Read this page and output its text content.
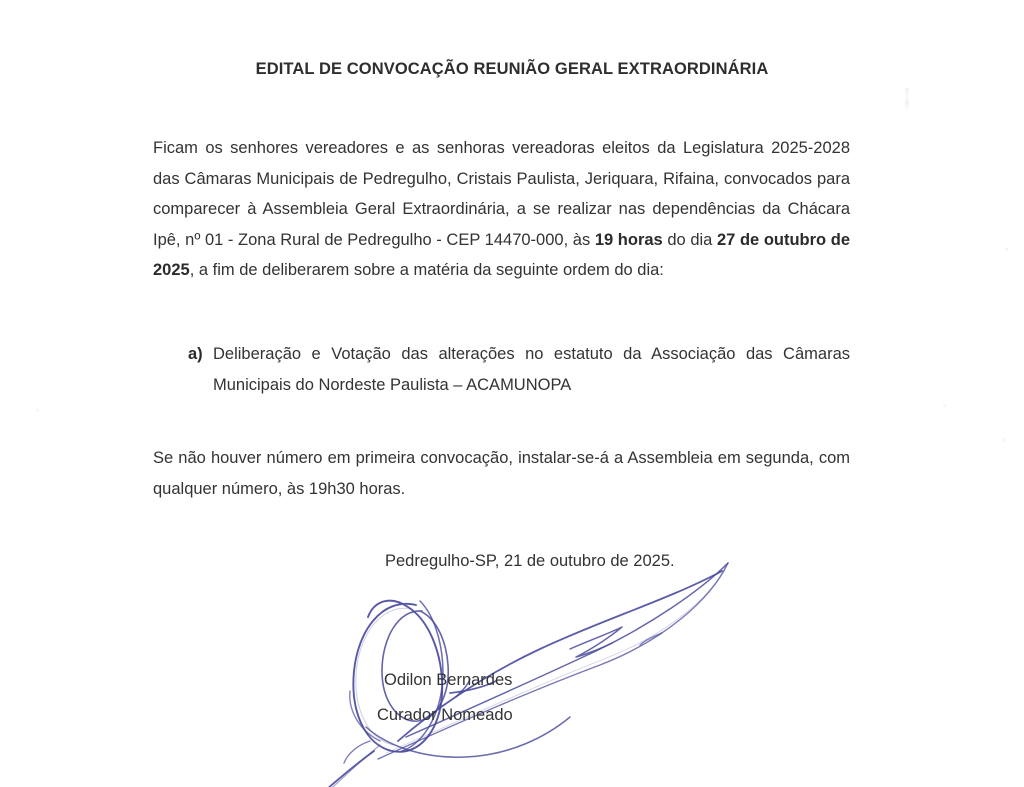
EDITAL DE CONVOCAÇÃO REUNIÃO GERAL EXTRAORDINÁRIA
Ficam os senhores vereadores e as senhoras vereadoras eleitos da Legislatura 2025-2028 das Câmaras Municipais de Pedregulho, Cristais Paulista, Jeriquara, Rifaina, convocados para comparecer à Assembleia Geral Extraordinária, a se realizar nas dependências da Chácara Ipê, nº 01 - Zona Rural de Pedregulho - CEP 14470-000, às 19 horas do dia 27 de outubro de 2025, a fim de deliberarem sobre a matéria da seguinte ordem do dia:
a) Deliberação e Votação das alterações no estatuto da Associação das Câmaras Municipais do Nordeste Paulista – ACAMUNOPA
Se não houver número em primeira convocação, instalar-se-á a Assembleia em segunda, com qualquer número, às 19h30 horas.
Pedregulho-SP, 21 de outubro de 2025.
Odilon Bernardes
Curador Nomeado
